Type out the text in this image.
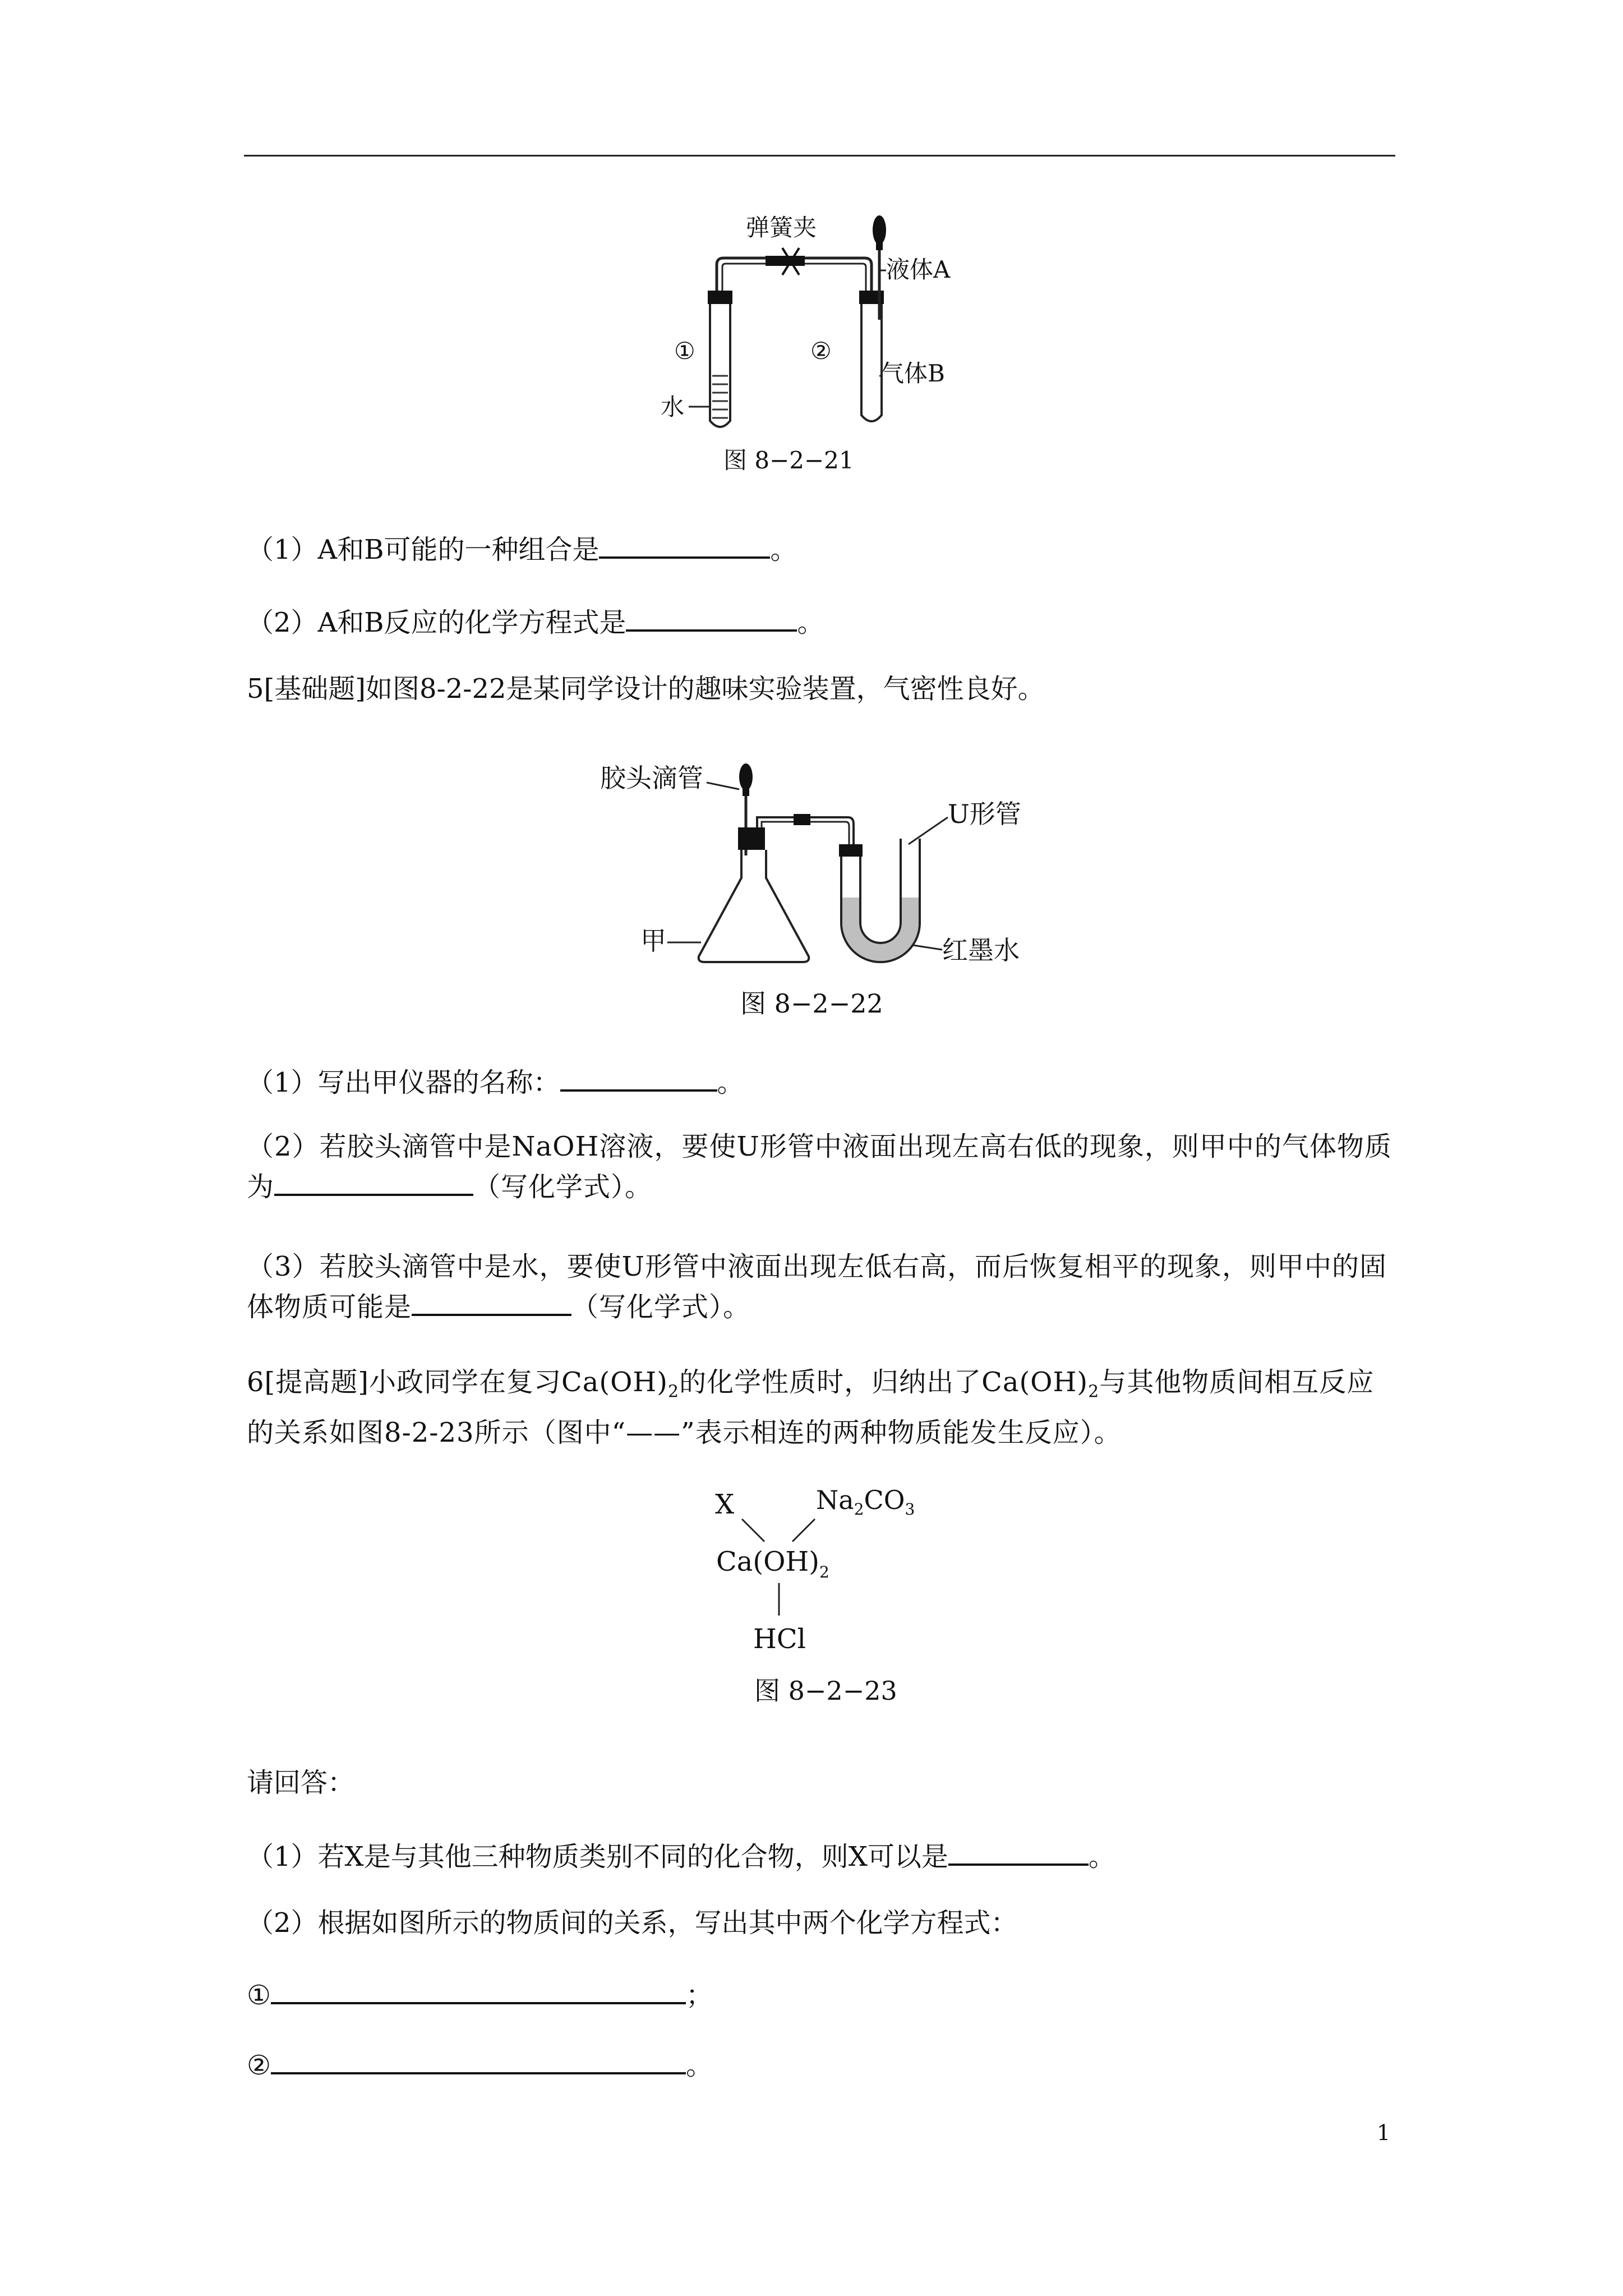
弹簧夹
液体A
气体B
水
①	②
图 8−2−21
（1）A和B可能的一种组合是	。
（2）A和B反应的化学方程式是	。
5[基础题]如图8-2-22是某同学设计的趣味实验装置，气密性良好。
胶头滴管
U形管
甲	红墨水
图 8−2−22
（1）写出甲仪器的名称：	。
（2）若胶头滴管中是NaOH溶液，要使U形管中液面出现左高右低的现象，则甲中的气体物质为	（写化学式）。
（3）若胶头滴管中是水，要使U形管中液面出现左低右高，而后恢复相平的现象，则甲中的固体物质可能是	（写化学式）。
6[提高题]小政同学在复习$Ca(OH)_2$的化学性质时，归纳出了$Ca(OH)_2$与其他物质间相互反应的关系如图8-2-23所示（图中“——”表示相连的两种物质能发生反应）。
X	$Na_2CO_3$
$Ca(OH)_2$
HCl
图 8−2−23
请回答：
（1）若X是与其他三种物质类别不同的化合物，则X可以是	。
（2）根据如图所示的物质间的关系，写出其中两个化学方程式：
①	；
②	。
1
